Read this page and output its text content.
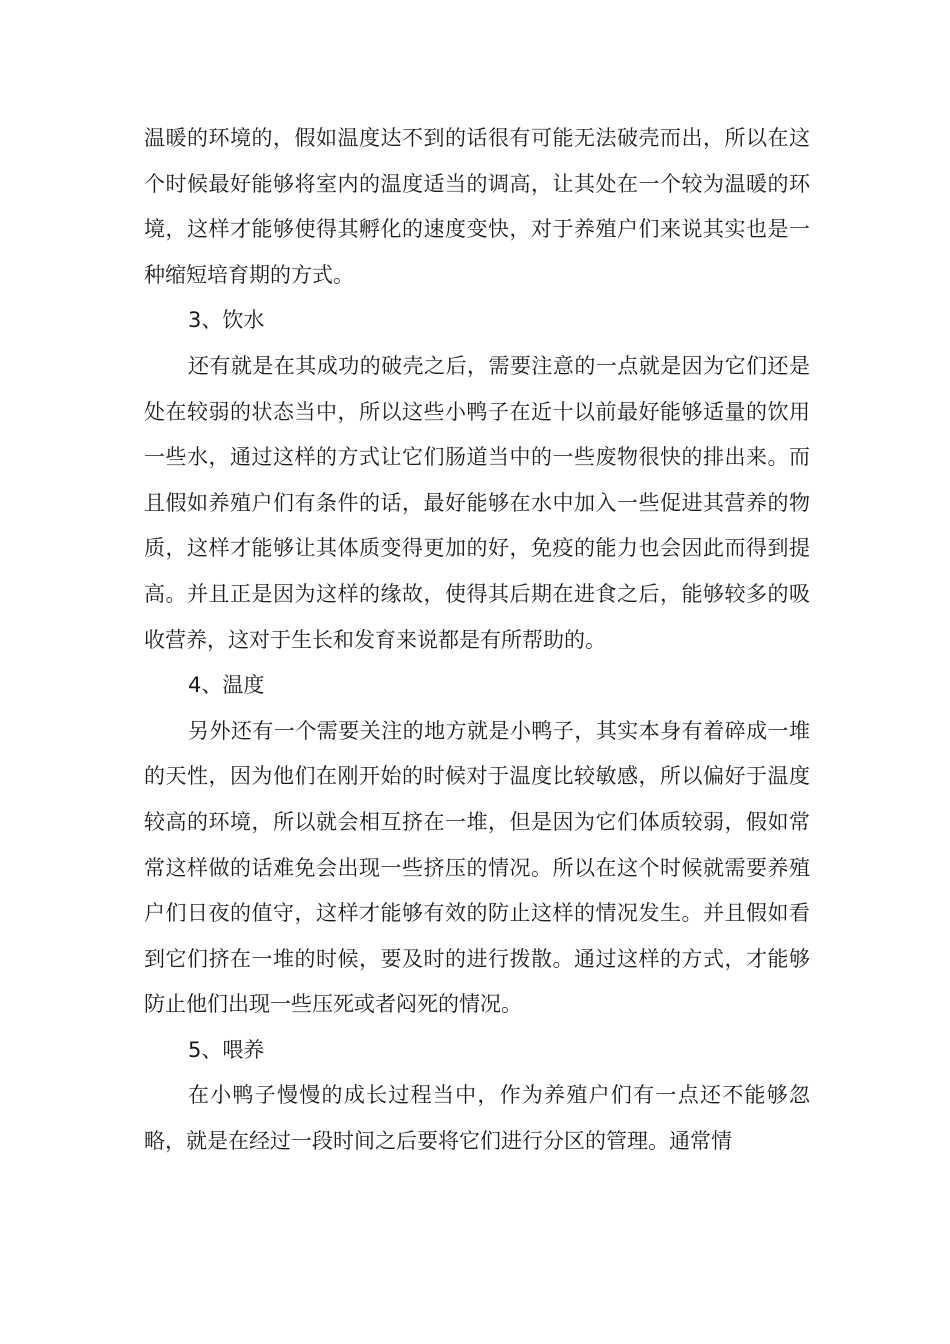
温暖的环境的，假如温度达不到的话很有可能无法破壳而出，所以在这个时候最好能够将室内的温度适当的调高，让其处在一个较为温暖的环境，这样才能够使得其孵化的速度变快，对于养殖户们来说其实也是一种缩短培育期的方式。

3、饮水

还有就是在其成功的破壳之后，需要注意的一点就是因为它们还是处在较弱的状态当中，所以这些小鸭子在近十以前最好能够适量的饮用一些水，通过这样的方式让它们肠道当中的一些废物很快的排出来。而且假如养殖户们有条件的话，最好能够在水中加入一些促进其营养的物质，这样才能够让其体质变得更加的好，免疫的能力也会因此而得到提高。并且正是因为这样的缘故，使得其后期在进食之后，能够较多的吸收营养，这对于生长和发育来说都是有所帮助的。

4、温度

另外还有一个需要关注的地方就是小鸭子，其实本身有着碎成一堆的天性，因为他们在刚开始的时候对于温度比较敏感，所以偏好于温度较高的环境，所以就会相互挤在一堆，但是因为它们体质较弱，假如常常这样做的话难免会出现一些挤压的情况。所以在这个时候就需要养殖户们日夜的值守，这样才能够有效的防止这样的情况发生。并且假如看到它们挤在一堆的时候，要及时的进行拨散。通过这样的方式，才能够防止他们出现一些压死或者闷死的情况。

5、喂养

在小鸭子慢慢的成长过程当中，作为养殖户们有一点还不能够忽略，就是在经过一段时间之后要将它们进行分区的管理。通常情
